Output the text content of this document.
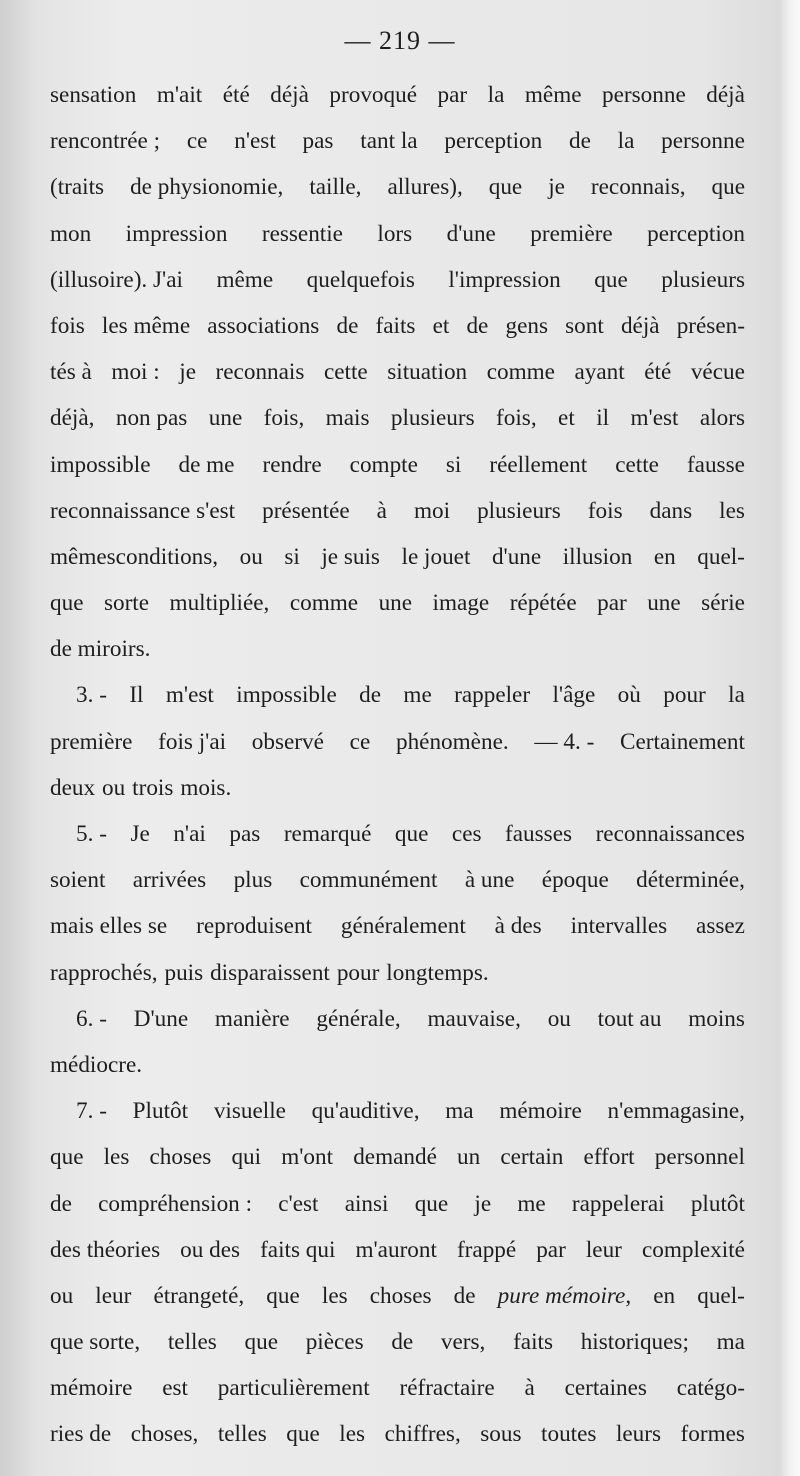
— 219 —
sensation m'ait été déjà provoqué par la même personne déjà
rencontrée ; ce n'est pas tant la perception de la personne
(traits de physionomie, taille, allures), que je reconnais, que
mon impression ressentie lors d'une première perception
(illusoire). J'ai même quelquefois l'impression que plusieurs
fois les même associations de faits et de gens sont déjà présen-
tés à moi : je reconnais cette situation comme ayant été vécue
déjà, non pas une fois, mais plusieurs fois, et il m'est alors
impossible de me rendre compte si réellement cette fausse
reconnaissance s'est présentée à moi plusieurs fois dans les
mêmesconditions, ou si je suis le jouet d'une illusion en quel-
que sorte multipliée, comme une image répétée par une série
de miroirs.
3. - Il m'est impossible de me rappeler l'âge où pour la
première fois j'ai observé ce phénomène. — 4. - Certainement
deux ou trois mois.
5. - Je n'ai pas remarqué que ces fausses reconnaissances
soient arrivées plus communément à une époque déterminée,
mais elles se reproduisent généralement à des intervalles assez
rapprochés, puis disparaissent pour longtemps.
6. - D'une manière générale, mauvaise, ou tout au moins
médiocre.
7. - Plutôt visuelle qu'auditive, ma mémoire n'emmagasine,
que les choses qui m'ont demandé un certain effort personnel
de compréhension : c'est ainsi que je me rappelerai plutôt
des théories ou des faits qui m'auront frappé par leur complexité
ou leur étrangeté, que les choses de pure mémoire, en quel-
que sorte, telles que pièces de vers, faits historiques; ma
mémoire est particulièrement réfractaire à certaines catégo-
ries de choses, telles que les chiffres, sous toutes leurs formes
